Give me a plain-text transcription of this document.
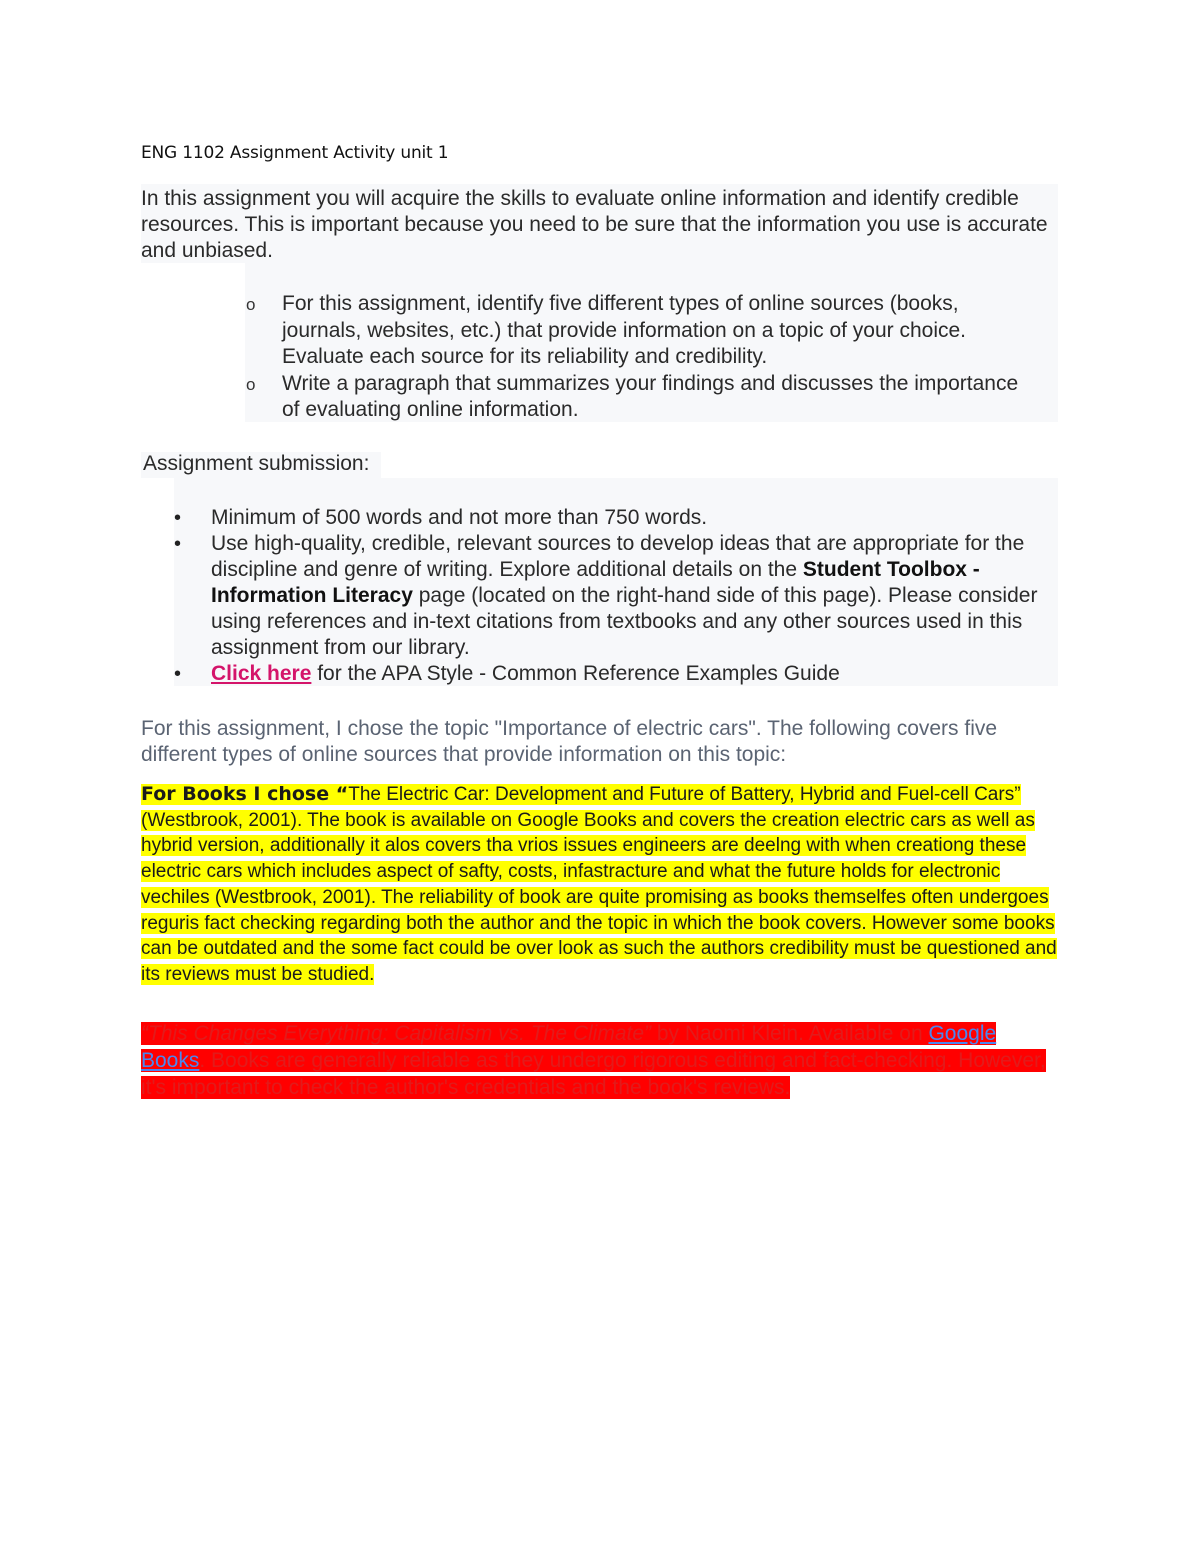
ENG 1102 Assignment Activity unit 1
In this assignment you will acquire the skills to evaluate online information and identify credible resources. This is important because you need to be sure that the information you use is accurate and unbiased.
o For this assignment, identify five different types of online sources (books, journals, websites, etc.) that provide information on a topic of your choice. Evaluate each source for its reliability and credibility.
o Write a paragraph that summarizes your findings and discusses the importance of evaluating online information.
Assignment submission:
• Minimum of 500 words and not more than 750 words.
• Use high-quality, credible, relevant sources to develop ideas that are appropriate for the discipline and genre of writing. Explore additional details on the Student Toolbox - Information Literacy page (located on the right-hand side of this page). Please consider using references and in-text citations from textbooks and any other sources used in this assignment from our library.
• Click here for the APA Style - Common Reference Examples Guide
For this assignment, I chose the topic "Importance of electric cars". The following covers five different types of online sources that provide information on this topic:
For Books I chose “The Electric Car: Development and Future of Battery, Hybrid and Fuel-cell Cars” (Westbrook, 2001). The book is available on Google Books and covers the creation electric cars as well as hybrid version, additionally it alos covers tha vrios issues engineers are deelng with when creationg these electric cars which includes aspect of safty, costs, infastracture and what the future holds for electronic vechiles (Westbrook, 2001). The reliability of book are quite promising as books themselfes often undergoes reguris fact checking regarding both the author and the topic in which the book covers. However some books can be outdated and the some fact could be over look as such the authors credibility must be questioned and its reviews must be studied.
“This Changes Everything: Capitalism vs. The Climate” by Naomi Klein. Available on Google Books. Books are generally reliable as they undergo rigorous editing and fact-checking. However, it's important to check the author's credentials and the book's reviews.
